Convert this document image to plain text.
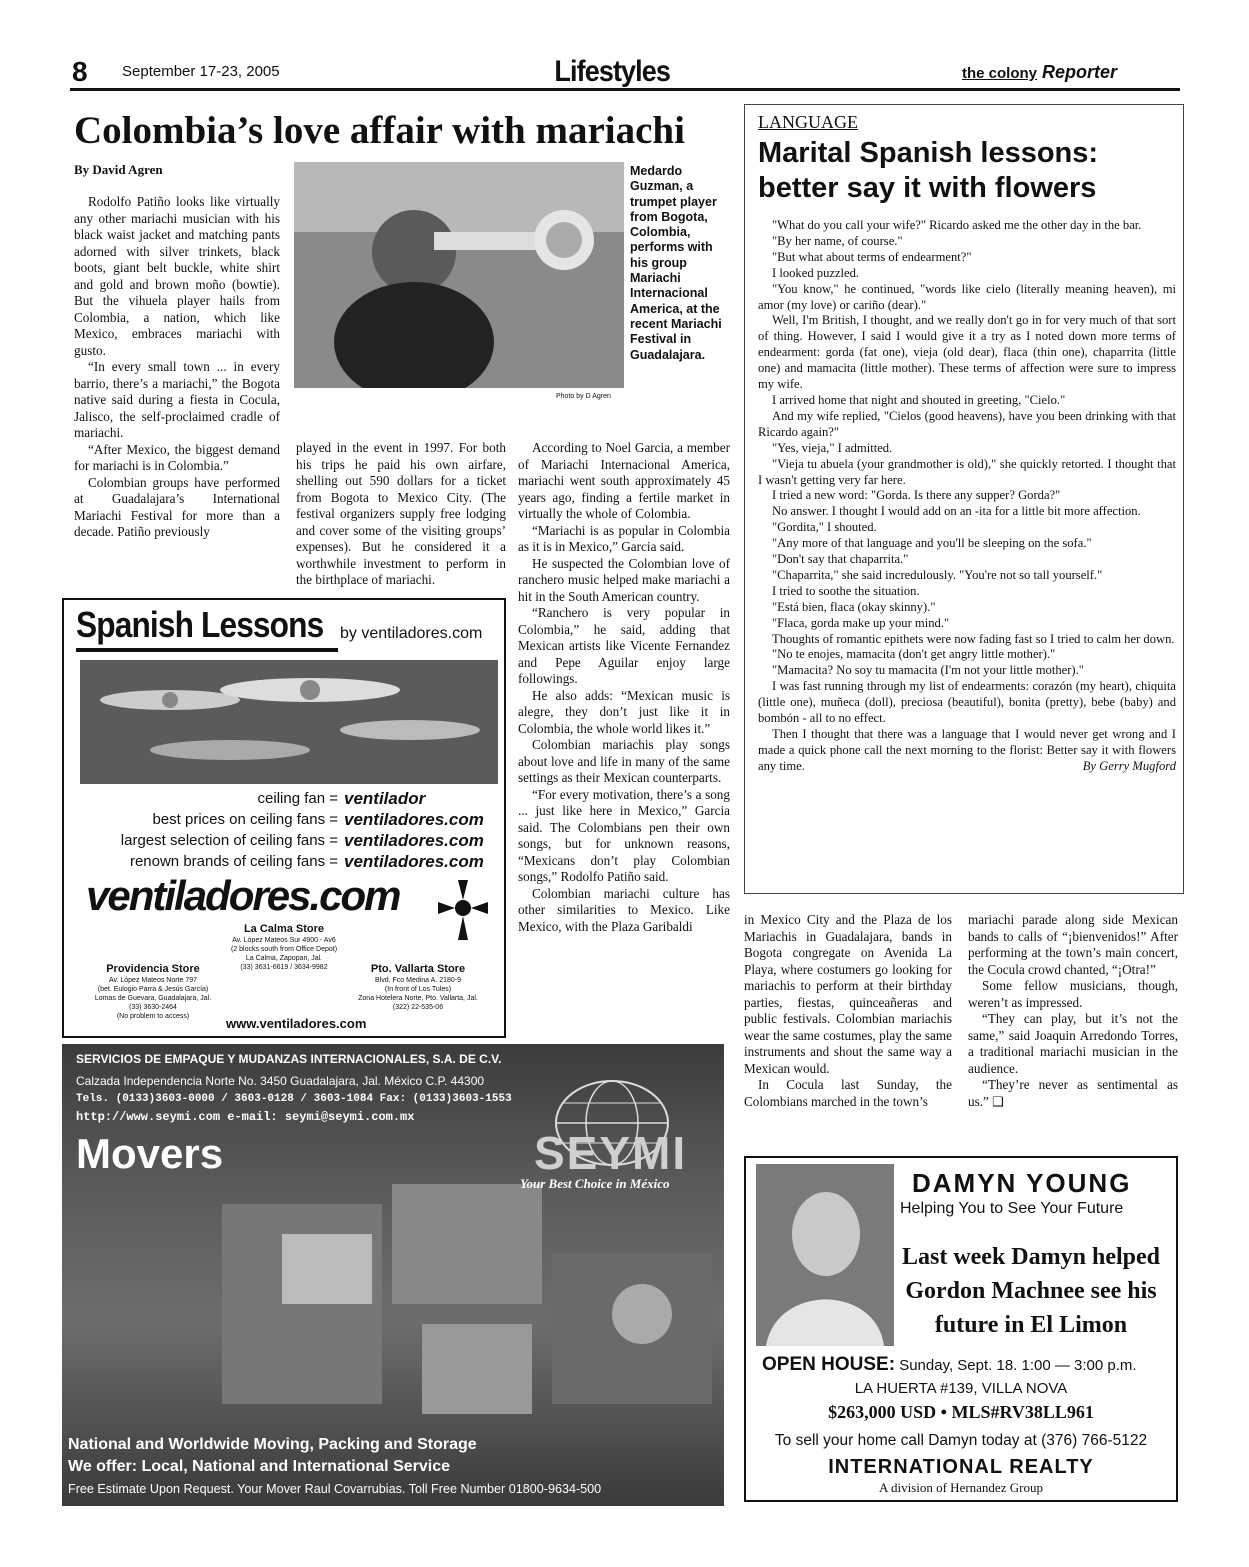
8 September 17-23, 2005	Lifestyles	the colony Reporter
Colombia’s love affair with mariachi
By David Agren	Medardo Guzman, a trumpet player from Bogota, Colombia, performs with his group Mariachi Internacional America, at the recent Mariachi Festival in Guadalajara.
Photo by D Agren

Rodolfo Patiño looks like virtually any other mariachi musician with his black waist jacket and matching pants adorned with silver trinkets, black boots, giant belt buckle, white shirt and gold and brown moño (bowtie). But the vihuela player hails from Colombia, a nation, which like Mexico, embraces mariachi with gusto.

“In every small town ... in every barrio, there’s a mariachi,” the Bogota native said during a fiesta in Cocula, Jalisco, the self-proclaimed cradle of mariachi.

“After Mexico, the biggest demand for mariachi is in Colombia.”

Colombian groups have performed at Guadalajara’s International Mariachi Festival for more than a decade. Patiño previously

played in the event in 1997. For both his trips he paid his own airfare, shelling out 590 dollars for a ticket from Bogota to Mexico City. (The festival organizers supply free lodging and cover some of the visiting groups’ expenses). But he considered it a worthwhile investment to perform in the birthplace of mariachi.

According to Noel Garcia, a member of Mariachi Internacional America, mariachi went south approximately 45 years ago, finding a fertile market in virtually the whole of Colombia.

“Mariachi is as popular in Colombia as it is in Mexico,” Garcia said.

He suspected the Colombian love of ranchero music helped make mariachi a hit in the South American country.

“Ranchero is very popular in Colombia,” he said, adding that Mexican artists like Vicente Fernandez and Pepe Aguilar enjoy large followings.

He also adds: “Mexican music is alegre, they don’t just like it in Colombia, the whole world likes it.”

Colombian mariachis play songs about love and life in many of the same settings as their Mexican counterparts.

“For every motivation, there’s a song ... just like here in Mexico,” Garcia said. The Colombians pen their own songs, but for unknown reasons, “Mexicans don’t play Colombian songs,” Rodolfo Patiño said.

Colombian mariachi culture has other similarities to Mexico. Like Mexico, with the Plaza Garibaldi	in Mexico City and the Plaza de los Mariachis in Guadalajara, bands in Bogota congregate on Avenida La Playa, where costumers go looking for mariachis to perform at their birthday parties, fiestas, quinceañeras and public festivals. Colombian mariachis wear the same costumes, play the same instruments and shout the same way a Mexican would.

In Cocula last Sunday, the Colombians marched in the town’s

mariachi parade along side Mexican bands to calls of “¡bienvenidos!” After performing at the town’s main concert, the Cocula crowd chanted, “¡Otra!”

Some fellow musicians, though, weren’t as impressed.

“They can play, but it’s not the same,” said Joaquin Arredondo Torres, a traditional mariachi musician in the audience.

“They’re never as sentimental as us.” ❑

LANGUAGE
Marital Spanish lessons:
better say it with flowers

"What do you call your wife?" Ricardo asked me the other day in the bar.

"By her name, of course."

"But what about terms of endearment?"

I looked puzzled.

"You know," he continued, "words like cielo (literally meaning heaven), mi amor (my love) or cariño (dear)."

Well, I'm British, I thought, and we really don't go in for very much of that sort of thing. However, I said I would give it a try as I noted down more terms of endearment: gorda (fat one), vieja (old dear), flaca (thin one), chaparrita (little one) and mamacita (little mother). These terms of affection were sure to impress my wife.

I arrived home that night and shouted in greeting, "Cielo."

And my wife replied, "Cielos (good heavens), have you been drinking with that Ricardo again?"

"Yes, vieja," I admitted.

"Vieja tu abuela (your grandmother is old)," she quickly retorted. I thought that I wasn't getting very far here.

I tried a new word: "Gorda. Is there any supper? Gorda?"

No answer. I thought I would add on an -ita for a little bit more affection.

"Gordita," I shouted.

"Any more of that language and you'll be sleeping on the sofa."

"Don't say that chaparrita."

"Chaparrita," she said incredulously. "You're not so tall yourself."

I tried to soothe the situation.

"Está bien, flaca (okay skinny)."

"Flaca, gorda make up your mind."

Thoughts of romantic epithets were now fading fast so I tried to calm her down.

"No te enojes, mamacita (don't get angry little mother)."

"Mamacita? No soy tu mamacita (I'm not your little mother)."

I was fast running through my list of endearments: corazón (my heart), chiquita (little one), muñeca (doll), preciosa (beautiful), bonita (pretty), bebe (baby) and bombón - all to no effect.

Then I thought that there was a language that I would never get wrong and I made a quick phone call the next morning to the florist: Better say it with flowers any time.	By Gerry Mugford
Spanish Lessons by ventiladores.com
ceiling fan = ventilador
best prices on ceiling fans = ventiladores.com
largest selection of ceiling fans = ventiladores.com
renown brands of ceiling fans = ventiladores.com
ventiladores.com
La Calma Store
Av. López Mateos Sur 4900 - Av6
(2 blocks south from Office Depot)
La Calma, Zapopan, Jal.
(33) 3631-6619 / 3634-9982
Providencia Store
Av. López Mateos Norte 797
(bet. Eulogio Parra & Jesús García)
Lomas de Guevara, Guadalajara, Jal.
(33) 3630-2464
(No problem to access)
Pto. Vallarta Store
Blvd. Fco Medina A. 2180-9
(In front of Los Tules)
Zona Hotelera Norte, Pto. Vallarta, Jal.
(322) 22-535-06
www.ventiladores.com
SERVICIOS DE EMPAQUE Y MUDANZAS INTERNACIONALES, S.A. DE C.V.
Calzada Independencia Norte No. 3450 Guadalajara, Jal. México C.P. 44300
Tels. (0133)3603-0000 / 3603-0128 / 3603-1084 Fax: (0133)3603-1553
http://www.seymi.com e-mail: seymi@seymi.com.mx
Movers	SEYMI
Your Best Choice in México
National and Worldwide Moving, Packing and Storage
We offer: Local, National and International Service
Free Estimate Upon Request. Your Mover Raul Covarrubias. Toll Free Number 01800-9634-500
DAMYN YOUNG
Helping You to See Your Future
Last week Damyn helped Gordon Machnee see his future in El Limon
OPEN HOUSE: Sunday, Sept. 18. 1:00 — 3:00 p.m.
LA HUERTA #139, VILLA NOVA
$263,000 USD • MLS#RV38LL961
To sell your home call Damyn today at (376) 766-5122
INTERNATIONAL REALTY
A division of Hernandez Group
